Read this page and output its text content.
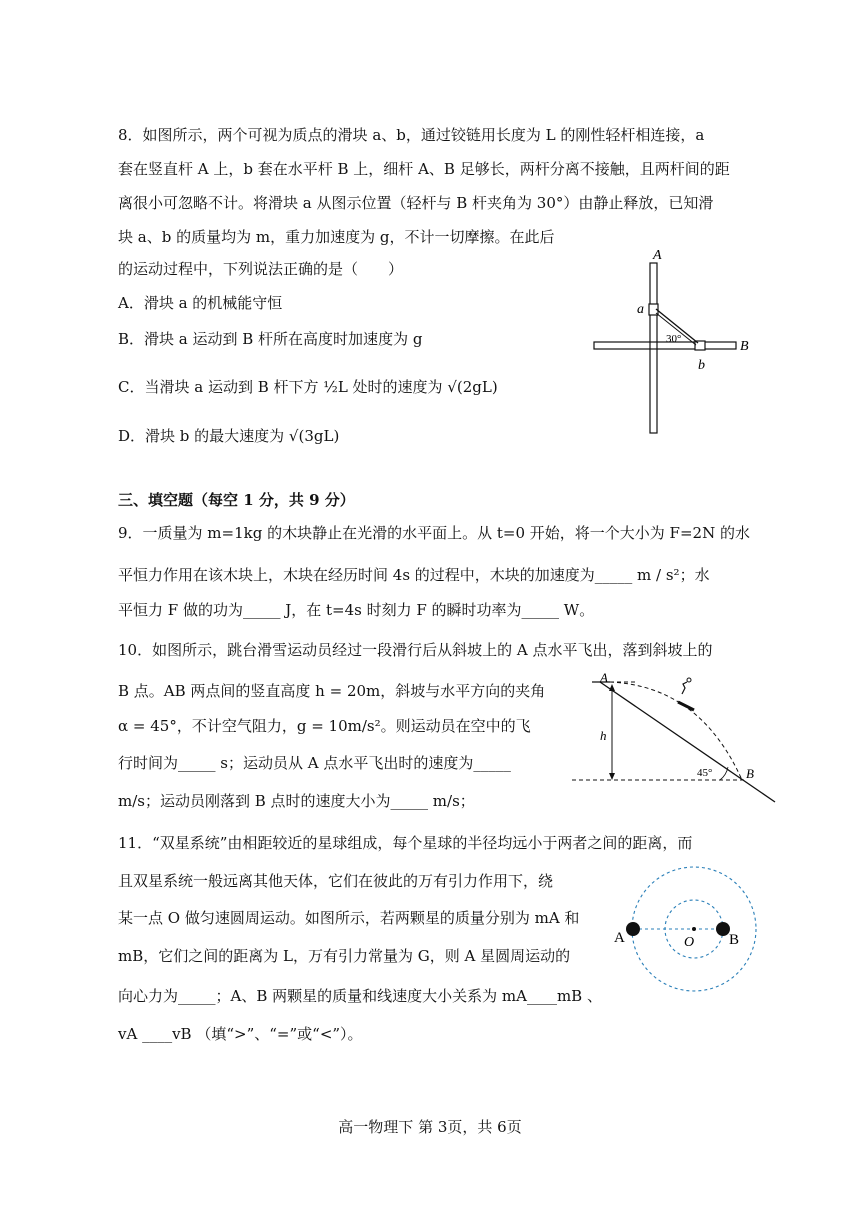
8．如图所示，两个可视为质点的滑块 a、b，通过铰链用长度为 L 的刚性轻杆相连接，a
套在竖直杆 A 上，b 套在水平杆 B 上，细杆 A、B 足够长，两杆分离不接触，且两杆间的距
离很小可忽略不计。将滑块 a 从图示位置（轻杆与 B 杆夹角为 30°）由静止释放，已知滑
块 a、b 的质量均为 m，重力加速度为 g，不计一切摩擦。在此后
的运动过程中，下列说法正确的是（　　）
A．滑块 a 的机械能守恒
B．滑块 a 运动到 B 杆所在高度时加速度为 g
C．当滑块 a 运动到 B 杆下方 ½L 处时的速度为 √(2gL)
D．滑块 b 的最大速度为 √(3gL)
A
B
a
b
30°
三、填空题（每空 1 分，共 9 分）
9．一质量为 m=1kg 的木块静止在光滑的水平面上。从 t=0 开始，将一个大小为 F=2N 的水
平恒力作用在该木块上，木块在经历时间 4s 的过程中，木块的加速度为_____ m / s²；水
平恒力 F 做的功为_____ J，在 t=4s 时刻力 F 的瞬时功率为_____ W。
10．如图所示，跳台滑雪运动员经过一段滑行后从斜坡上的 A 点水平飞出，落到斜坡上的
B 点。AB 两点间的竖直高度 h = 20m，斜坡与水平方向的夹角
α = 45°，不计空气阻力，g = 10m/s²。则运动员在空中的飞
行时间为_____ s；运动员从 A 点水平飞出时的速度为_____
m/s；运动员刚落到 B 点时的速度大小为_____ m/s；
A
B
h
45°
11．“双星系统”由相距较近的星球组成，每个星球的半径均远小于两者之间的距离，而
且双星系统一般远离其他天体，它们在彼此的万有引力作用下，绕
某一点 O 做匀速圆周运动。如图所示，若两颗星的质量分别为 mA 和
mB，它们之间的距离为 L，万有引力常量为 G，则 A 星圆周运动的
向心力为_____；A、B 两颗星的质量和线速度大小关系为 mA____mB 、
vA ____vB （填“>”、“=”或“<”）。
A	B
O
高一物理下 第 3页，共 6页
